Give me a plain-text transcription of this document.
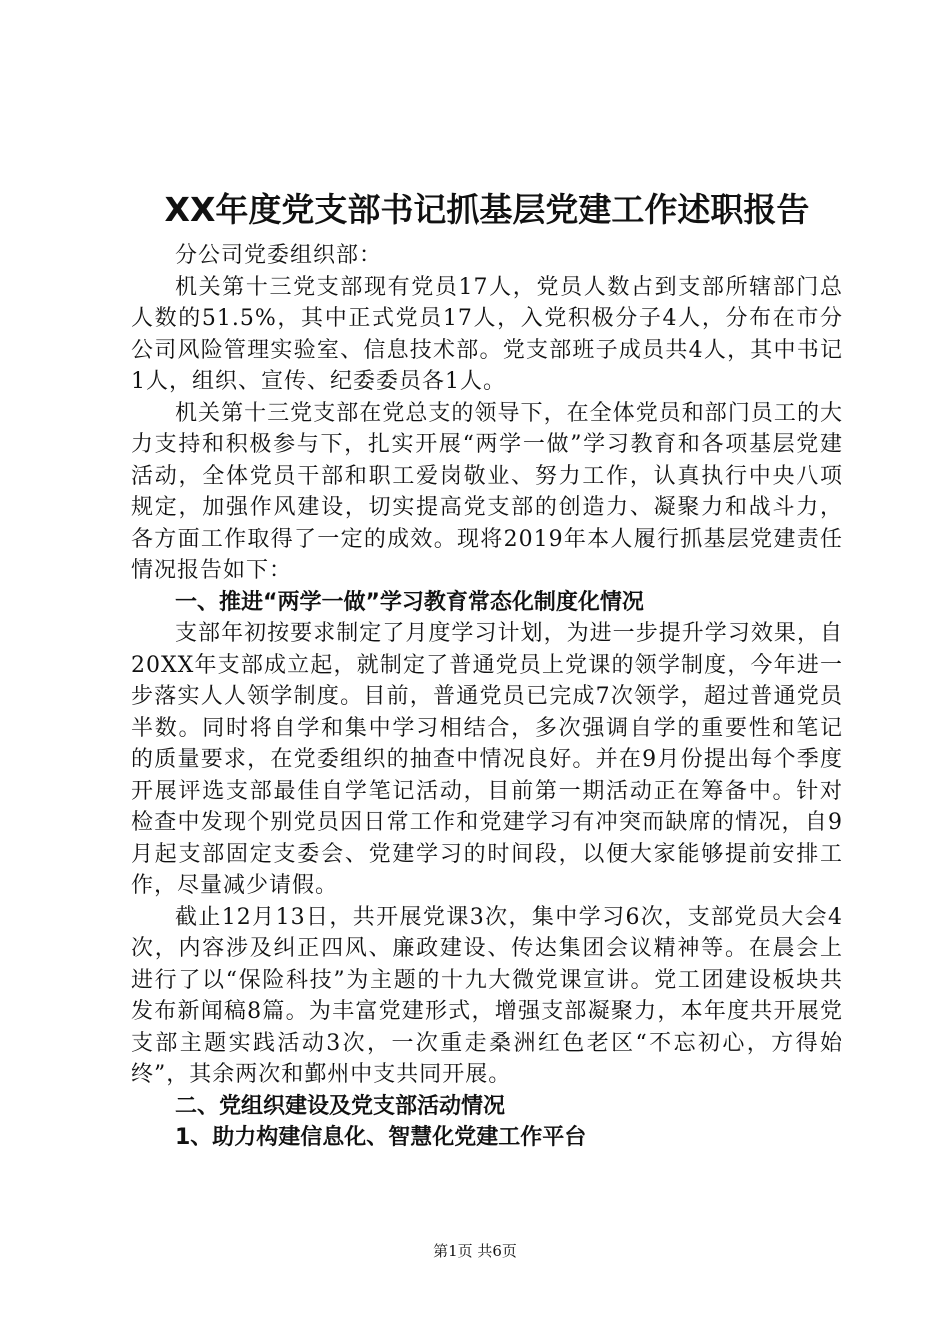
XX年度党支部书记抓基层党建工作述职报告

分公司党委组织部：

机关第十三党支部现有党员17人，党员人数占到支部所辖部门总人数的51.5%，其中正式党员17人，入党积极分子4人，分布在市分公司风险管理实验室、信息技术部。党支部班子成员共4人，其中书记1人，组织、宣传、纪委委员各1人。

机关第十三党支部在党总支的领导下，在全体党员和部门员工的大力支持和积极参与下，扎实开展“两学一做”学习教育和各项基层党建活动，全体党员干部和职工爱岗敬业、努力工作，认真执行中央八项规定，加强作风建设，切实提高党支部的创造力、凝聚力和战斗力，各方面工作取得了一定的成效。现将2019年本人履行抓基层党建责任情况报告如下：

一、推进“两学一做”学习教育常态化制度化情况

支部年初按要求制定了月度学习计划，为进一步提升学习效果，自20XX年支部成立起，就制定了普通党员上党课的领学制度，今年进一步落实人人领学制度。目前，普通党员已完成7次领学，超过普通党员半数。同时将自学和集中学习相结合，多次强调自学的重要性和笔记的质量要求，在党委组织的抽查中情况良好。并在9月份提出每个季度开展评选支部最佳自学笔记活动，目前第一期活动正在筹备中。针对检查中发现个别党员因日常工作和党建学习有冲突而缺席的情况，自9月起支部固定支委会、党建学习的时间段，以便大家能够提前安排工作，尽量减少请假。

截止12月13日，共开展党课3次，集中学习6次，支部党员大会4次，内容涉及纠正四风、廉政建设、传达集团会议精神等。在晨会上进行了以“保险科技”为主题的十九大微党课宣讲。党工团建设板块共发布新闻稿8篇。为丰富党建形式，增强支部凝聚力，本年度共开展党支部主题实践活动3次，一次重走桑洲红色老区“不忘初心，方得始终”，其余两次和鄞州中支共同开展。

二、党组织建设及党支部活动情况

1、助力构建信息化、智慧化党建工作平台

第1页 共6页
